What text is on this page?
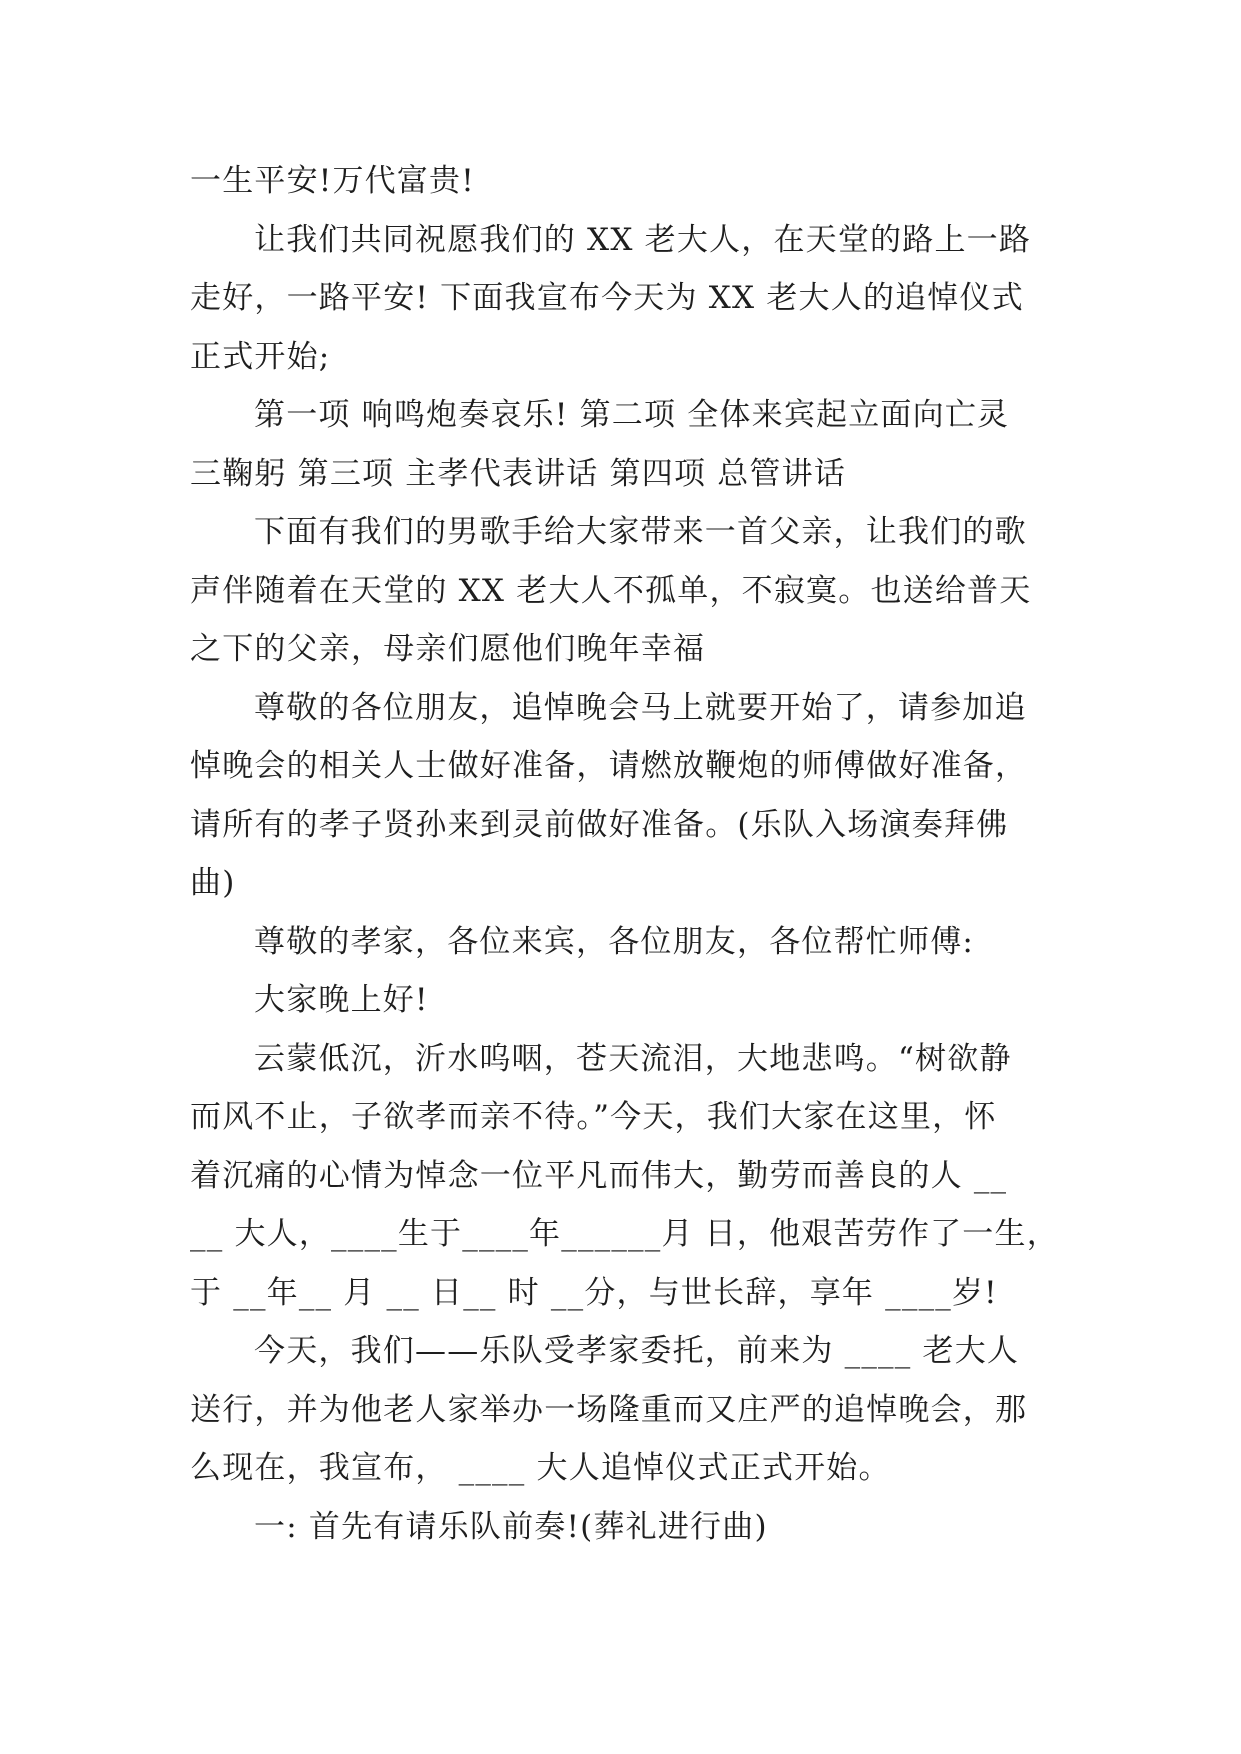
一生平安!万代富贵!
让我们共同祝愿我们的 XX 老大人，在天堂的路上一路
走好，一路平安! 下面我宣布今天为 XX 老大人的追悼仪式
正式开始;
第一项 响鸣炮奏哀乐! 第二项 全体来宾起立面向亡灵
三鞠躬 第三项 主孝代表讲话 第四项 总管讲话
下面有我们的男歌手给大家带来一首父亲，让我们的歌
声伴随着在天堂的 XX 老大人不孤单，不寂寞。也送给普天
之下的父亲，母亲们愿他们晚年幸福
尊敬的各位朋友，追悼晚会马上就要开始了，请参加追
悼晚会的相关人士做好准备，请燃放鞭炮的师傅做好准备，
请所有的孝子贤孙来到灵前做好准备。(乐队入场演奏拜佛
曲)
尊敬的孝家，各位来宾，各位朋友，各位帮忙师傅:
大家晚上好!
云蒙低沉，沂水呜咽，苍天流泪，大地悲鸣。“树欲静
而风不止，子欲孝而亲不待。”今天，我们大家在这里，怀
着沉痛的心情为悼念一位平凡而伟大，勤劳而善良的人 __
__ 大人，____生于____年______月 日，他艰苦劳作了一生，
于 __年__ 月 __ 日__ 时 __分，与世长辞，享年 ____岁!
今天，我们——乐队受孝家委托，前来为 ____ 老大人
送行，并为他老人家举办一场隆重而又庄严的追悼晚会，那
么现在，我宣布， ____ 大人追悼仪式正式开始。
一: 首先有请乐队前奏!(葬礼进行曲)
